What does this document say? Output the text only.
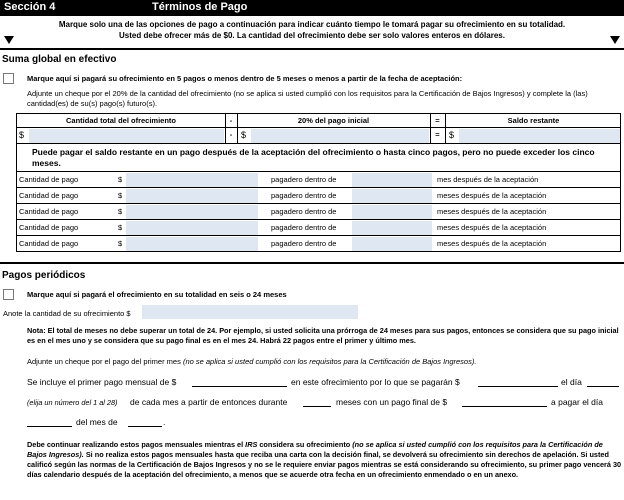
Sección 4	Términos de Pago
Marque solo una de las opciones de pago a continuación para indicar cuánto tiempo le tomará pagar su ofrecimiento en su totalidad.
Usted debe ofrecer más de $0. La cantidad del ofrecimiento debe ser solo valores enteros en dólares.
Suma global en efectivo
Marque aquí si pagará su ofrecimiento en 5 pagos o menos dentro de 5 meses o menos a partir de la fecha de aceptación:
Adjunte un cheque por el 20% de la cantidad del ofrecimiento (no se aplica si usted cumplió con los requisitos para la Certificación de Bajos Ingresos) y complete la (las) cantidad(es) de su(s) pago(s) futuro(s).
Cantidad total del ofrecimiento	-	20% del pago inicial	=	Saldo restante
$	- $	=	$
Puede pagar el saldo restante en un pago después de la aceptación del ofrecimiento o hasta cinco pagos, pero no puede exceder los cinco meses.
Cantidad de pago	$	pagadero dentro de	mes después de la aceptación
Cantidad de pago	$	pagadero dentro de	meses después de la aceptación
Cantidad de pago	$	pagadero dentro de	meses después de la aceptación
Cantidad de pago	$	pagadero dentro de	meses después de la aceptación
Cantidad de pago	$	pagadero dentro de	meses después de la aceptación
Pagos periódicos
Marque aquí si pagará el ofrecimiento en su totalidad en seis o 24 meses
Anote la cantidad de su ofrecimiento $
Nota: El total de meses no debe superar un total de 24. Por ejemplo, si usted solicita una prórroga de 24 meses para sus pagos, entonces se considera que su pago inicial es en el mes uno y se considera que su pago final es en el mes 24. Habrá 22 pagos entre el primer y último mes.
Adjunte un cheque por el pago del primer mes (no se aplica si usted cumplió con los requisitos para la Certificación de Bajos Ingresos).
Se incluye el primer pago mensual de $	en este ofrecimiento por lo que se pagarán $	el día
(elija un número del 1 al 28) de cada mes a partir de entonces durante	meses con un pago final de $	a pagar el día
del mes de	.
Debe continuar realizando estos pagos mensuales mientras el IRS considera su ofrecimiento (no se aplica si usted cumplió con los requisitos para la Certificación de Bajos Ingresos). Si no realiza estos pagos mensuales hasta que reciba una carta con la decisión final, se devolverá su ofrecimiento sin derechos de apelación. Si usted calificó según las normas de la Certificación de Bajos Ingresos y no se le requiere enviar pagos mientras se está considerando su ofrecimiento, su primer pago vencerá 30 días calendario después de la aceptación del ofrecimiento, a menos que se acuerde otra fecha en un ofrecimiento enmendado o en un anexo.
